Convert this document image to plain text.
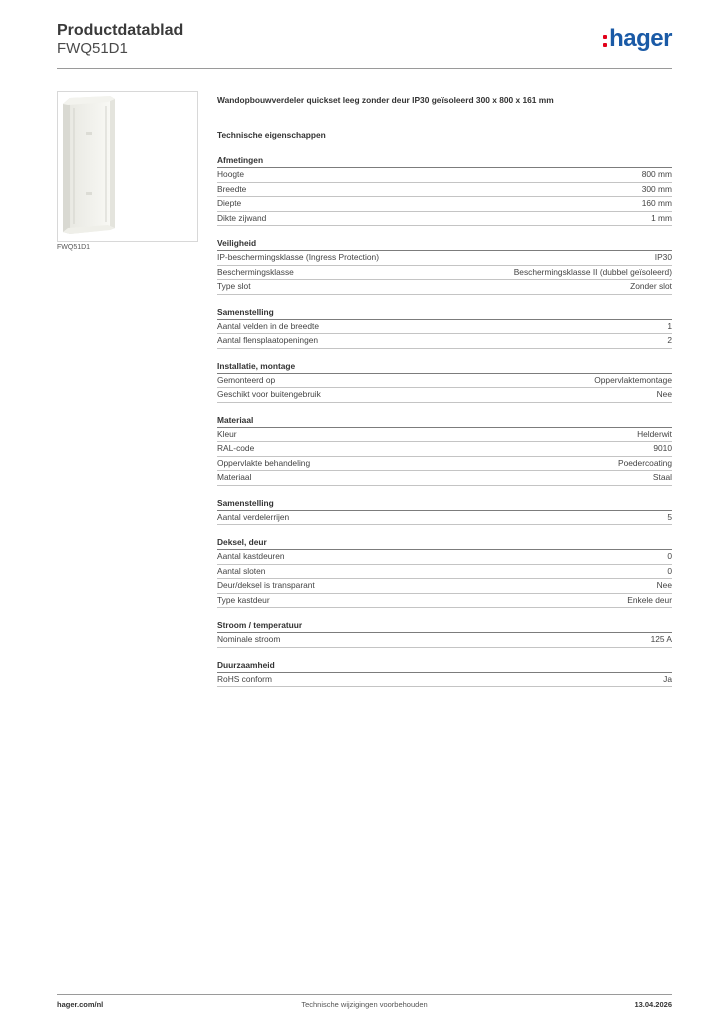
Productdatablad

FWQ51D1	hager
FWQ51D1

Wandopbouwverdeler quickset leeg zonder deur IP30 geïsoleerd 300 x 800 x 161 mm

Technische eigenschappen

Afmetingen
Hoogte	800 mm
Breedte	300 mm
Diepte	160 mm
Dikte zijwand	1 mm
Veiligheid
IP-beschermingsklasse (Ingress Protection)	IP30
Beschermingsklasse	Beschermingsklasse II (dubbel geïsoleerd)
Type slot	Zonder slot
Samenstelling
Aantal velden in de breedte	1
Aantal flensplaatopeningen	2
Installatie, montage
Gemonteerd op	Oppervlaktemontage
Geschikt voor buitengebruik	Nee
Materiaal
Kleur	Helderwit
RAL-code	9010
Oppervlakte behandeling	Poedercoating
Materiaal	Staal
Samenstelling
Aantal verdelerrijen	5
Deksel, deur
Aantal kastdeuren	0
Aantal sloten	0
Deur/deksel is transparant	Nee
Type kastdeur	Enkele deur
Stroom / temperatuur
Nominale stroom	125 A
Duurzaamheid
RoHS conform	Ja
hager.com/nl	Technische wijzigingen voorbehouden	13.04.2026
